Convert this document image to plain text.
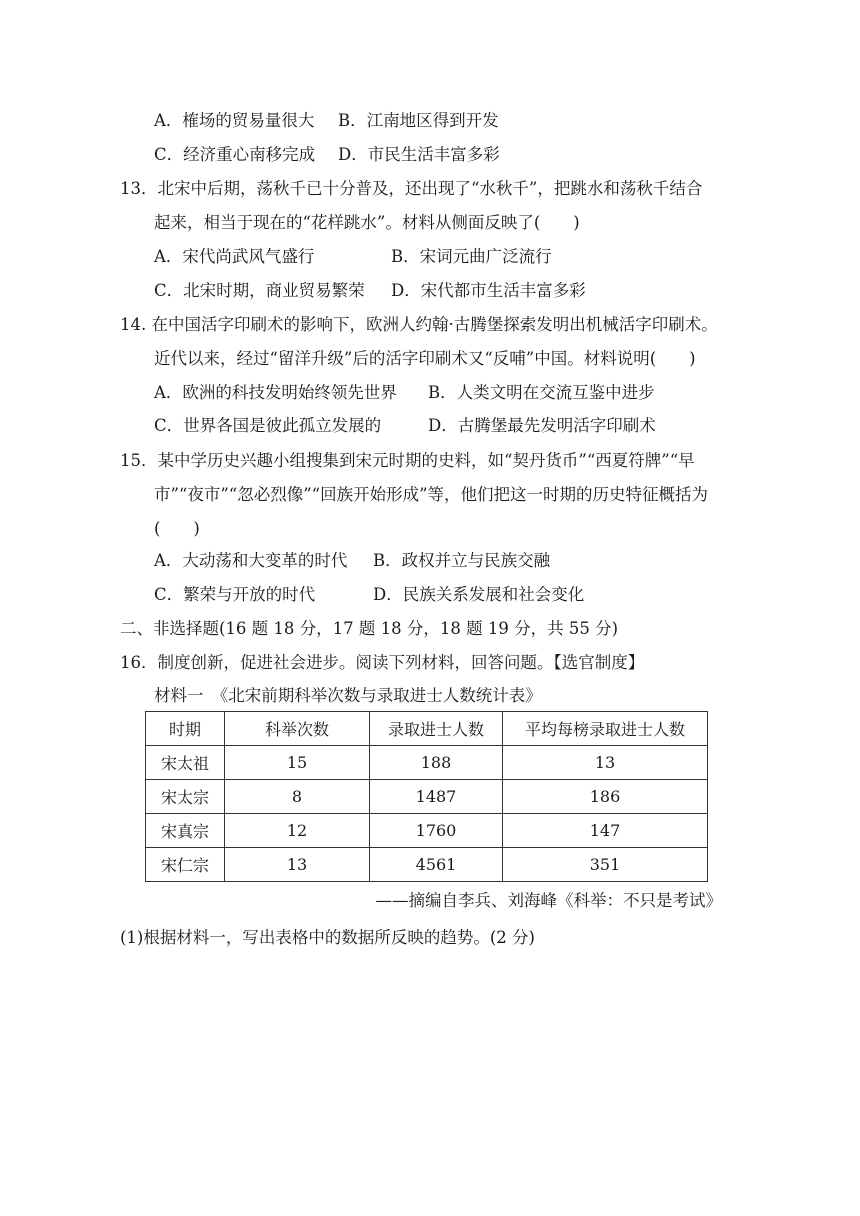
A．榷场的贸易量很大 B．江南地区得到开发
C．经济重心南移完成 D．市民生活丰富多彩
13．北宋中后期，荡秋千已十分普及，还出现了“水秋千”，把跳水和荡秋千结合
起来，相当于现在的“花样跳水”。材料从侧面反映了(　　)
A．宋代尚武风气盛行	B．宋词元曲广泛流行
C．北宋时期，商业贸易繁荣 D．宋代都市生活丰富多彩
14. 在中国活字印刷术的影响下，欧洲人约翰·古腾堡探索发明出机械活字印刷术。
近代以来，经过“留洋升级”后的活字印刷术又“反哺”中国。材料说明(　　)
A．欧洲的科技发明始终领先世界 B．人类文明在交流互鉴中进步
C．世界各国是彼此孤立发展的	D．古腾堡最先发明活字印刷术
15．某中学历史兴趣小组搜集到宋元时期的史料，如“契丹货币”“西夏符牌”“早
市”“夜市”“忽必烈像”“回族开始形成”等，他们把这一时期的历史特征概括为
(　　)
A．大动荡和大变革的时代 B．政权并立与民族交融
C．繁荣与开放的时代	D．民族关系发展和社会变化
二、非选择题(16 题 18 分，17 题 18 分，18 题 19 分，共 55 分)
16．制度创新，促进社会进步。阅读下列材料，回答问题。【选官制度】
材料一　《北宋前期科举次数与录取进士人数统计表》
时期	科举次数	录取进士人数	平均每榜录取进士人数
宋太祖	15	188	13
宋太宗	8	1487	186
宋真宗	12	1760	147
宋仁宗	13	4561	351
——摘编自李兵、刘海峰《科举：不只是考试》
(1)根据材料一，写出表格中的数据所反映的趋势。(2 分)
